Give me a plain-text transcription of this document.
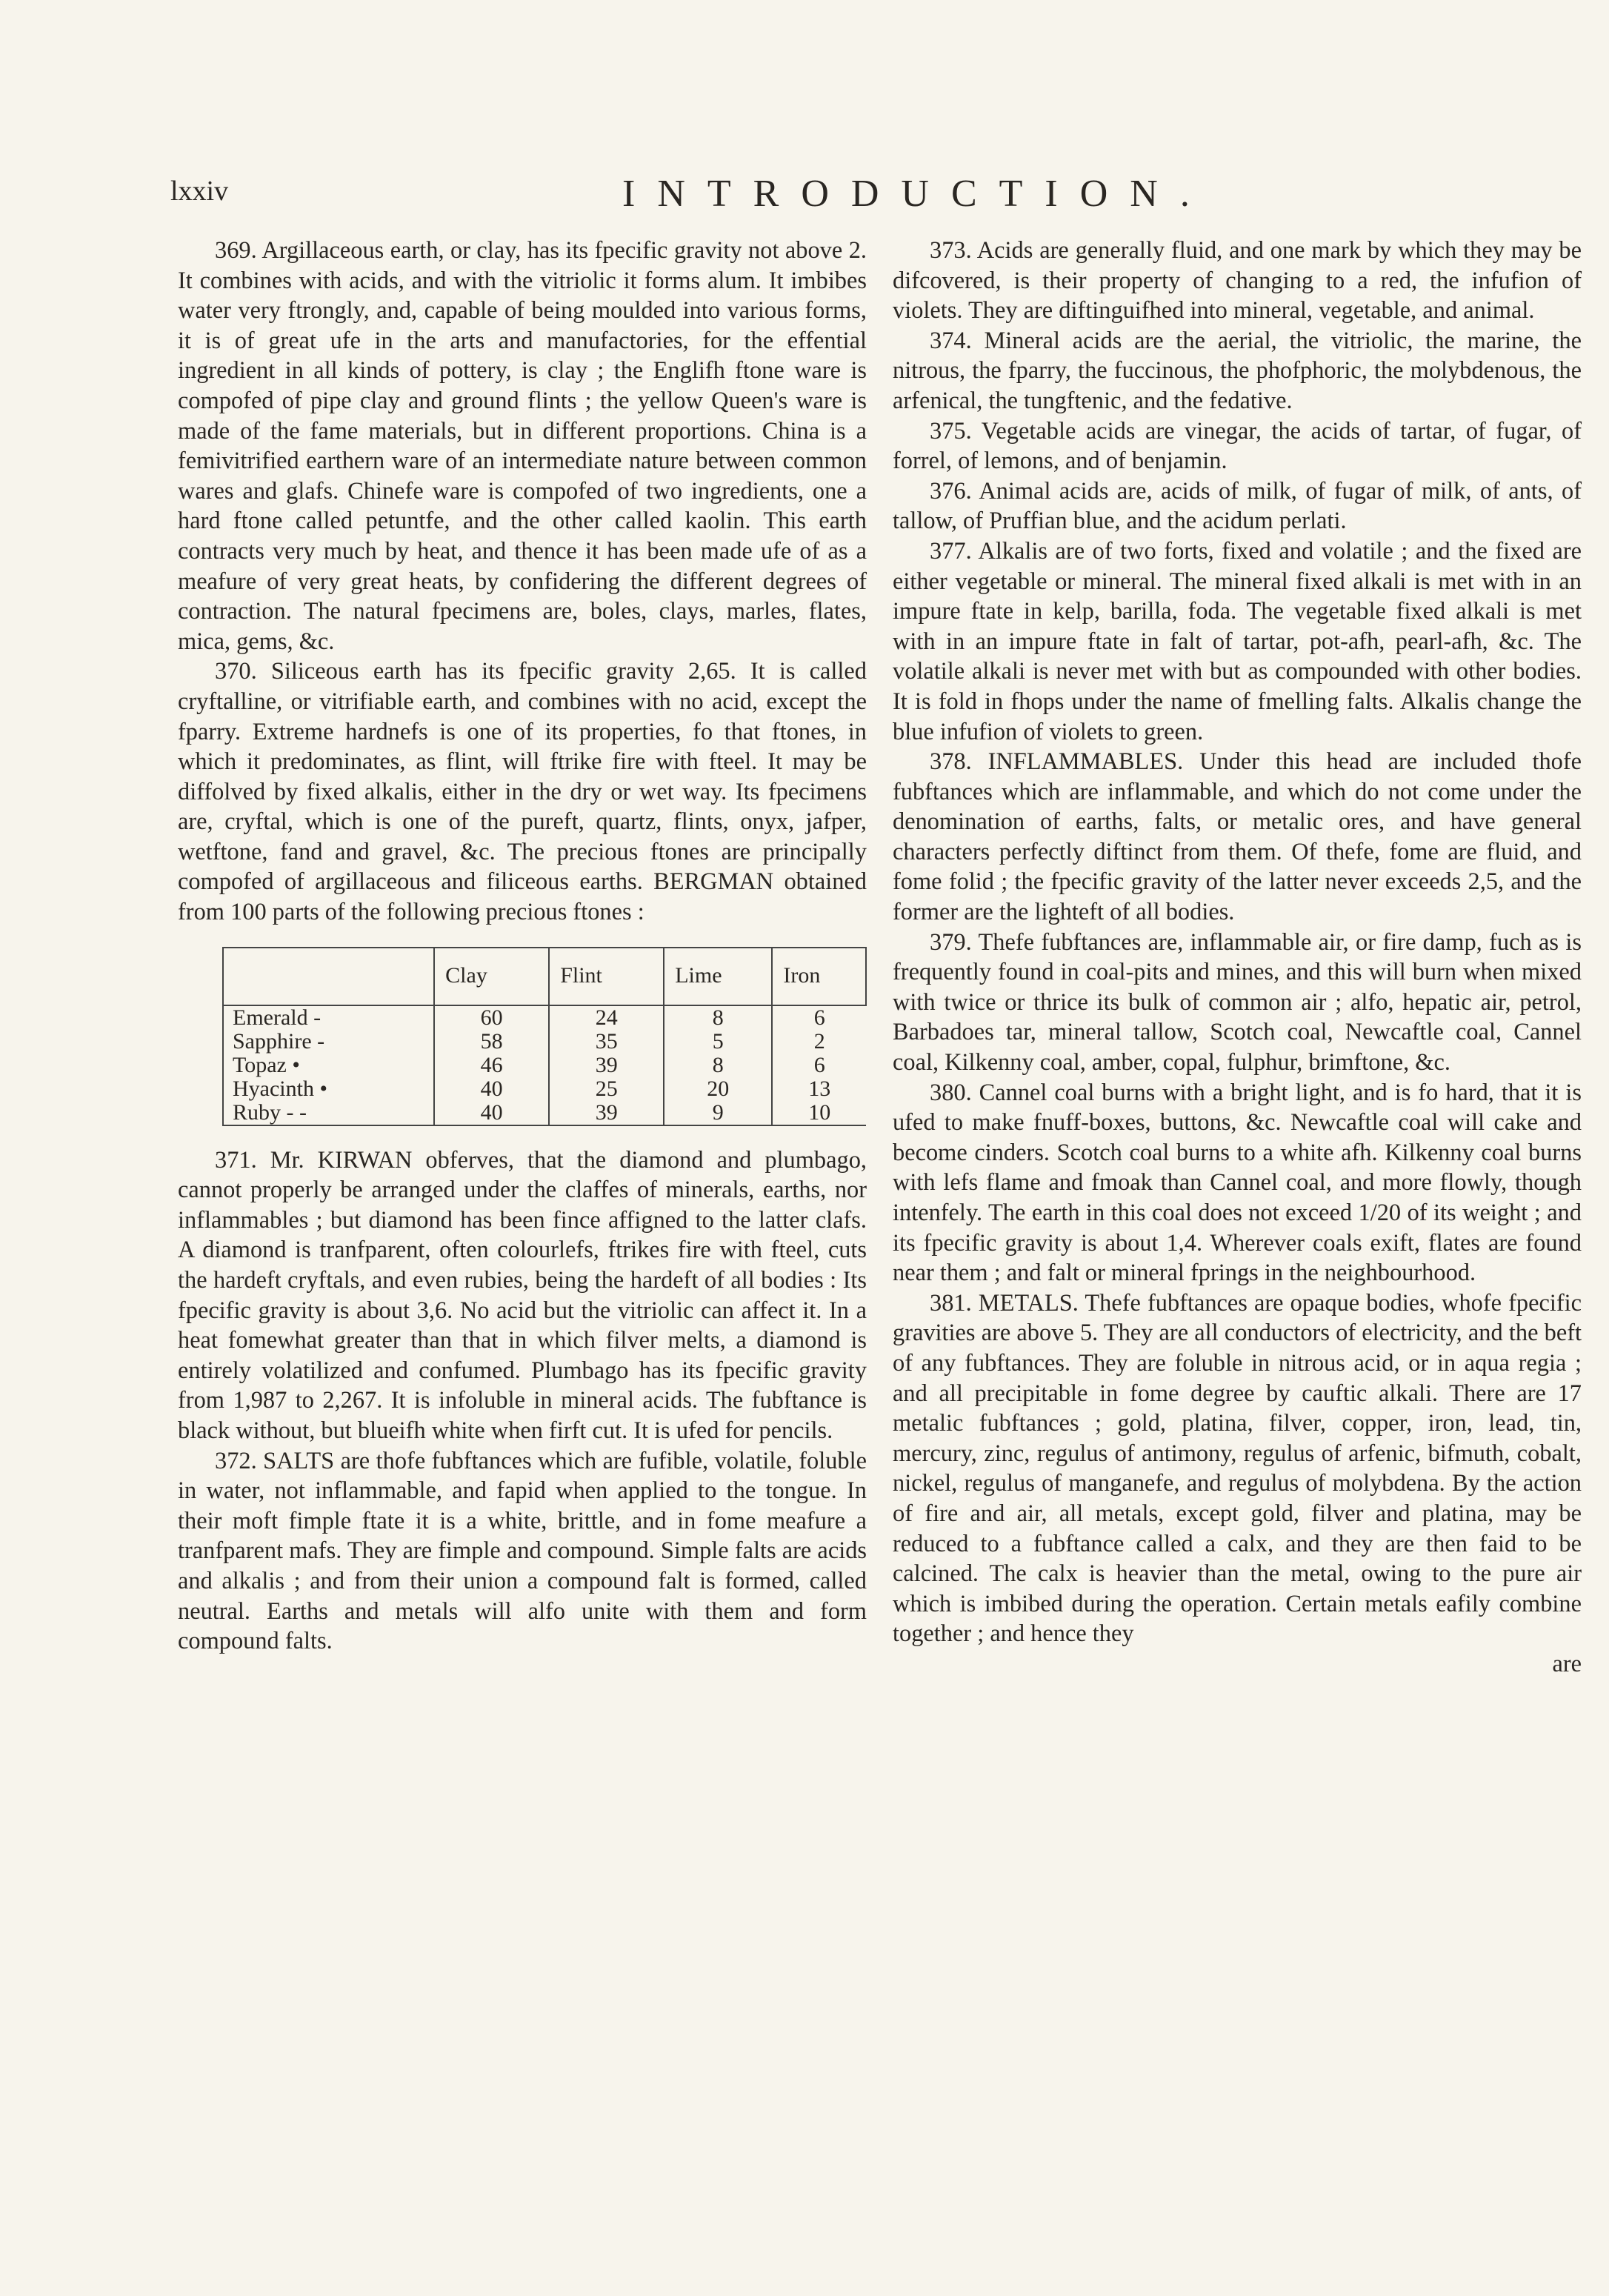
lxxiv	INTRODUCTION.

369. Argillaceous earth, or clay, has its fpecific gravity not above 2. It combines with acids, and with the vitriolic it forms alum. It imbibes water very ftrongly, and, capable of being moulded into various forms, it is of great ufe in the arts and manufactories, for the effential ingredient in all kinds of pottery, is clay ; the Englifh ftone ware is compofed of pipe clay and ground flints ; the yellow Queen's ware is made of the fame materials, but in different proportions. China is a femivitrified earthern ware of an intermediate nature between common wares and glafs. Chinefe ware is compofed of two ingredients, one a hard ftone called petuntfe, and the other called kaolin. This earth contracts very much by heat, and thence it has been made ufe of as a meafure of very great heats, by confidering the different degrees of contraction. The natural fpecimens are, boles, clays, marles, flates, mica, gems, &c.

370. Siliceous earth has its fpecific gravity 2,65. It is called cryftalline, or vitrifiable earth, and combines with no acid, except the fparry. Extreme hardnefs is one of its properties, fo that ftones, in which it predominates, as flint, will ftrike fire with fteel. It may be diffolved by fixed alkalis, either in the dry or wet way. Its fpecimens are, cryftal, which is one of the pureft, quartz, flints, onyx, jafper, wetftone, fand and gravel, &c. The precious ftones are principally compofed of argillaceous and filiceous earths. BERGMAN obtained from 100 parts of the following precious ftones :

	Clay	Flint	Lime	Iron
Emerald -	60	24	8	6
Sapphire -	58	35	5	2
Topaz •	46	39	8	6
Hyacinth •	40	25	20	13
Ruby - -	40	39	9	10

371. Mr. KIRWAN obferves, that the diamond and plumbago, cannot properly be arranged under the claffes of minerals, earths, nor inflammables ; but diamond has been fince affigned to the latter clafs. A diamond is tranfparent, often colourlefs, ftrikes fire with fteel, cuts the hardeft cryftals, and even rubies, being the hardeft of all bodies : Its fpecific gravity is about 3,6. No acid but the vitriolic can affect it. In a heat fomewhat greater than that in which filver melts, a diamond is entirely volatilized and confumed. Plumbago has its fpecific gravity from 1,987 to 2,267. It is infoluble in mineral acids. The fubftance is black without, but blueifh white when firft cut. It is ufed for pencils.

372. SALTS are thofe fubftances which are fufible, volatile, foluble in water, not inflammable, and fapid when applied to the tongue. In their moft fimple ftate it is a white, brittle, and in fome meafure a tranfparent mafs. They are fimple and compound. Simple falts are acids and alkalis ; and from their union a compound falt is formed, called neutral. Earths and metals will alfo unite with them and form compound falts.

373. Acids are generally fluid, and one mark by which they may be difcovered, is their property of changing to a red, the infufion of violets. They are diftinguifhed into mineral, vegetable, and animal.

374. Mineral acids are the aerial, the vitriolic, the marine, the nitrous, the fparry, the fuccinous, the phofphoric, the molybdenous, the arfenical, the tungftenic, and the fedative.

375. Vegetable acids are vinegar, the acids of tartar, of fugar, of forrel, of lemons, and of benjamin.

376. Animal acids are, acids of milk, of fugar of milk, of ants, of tallow, of Pruffian blue, and the acidum perlati.

377. Alkalis are of two forts, fixed and volatile ; and the fixed are either vegetable or mineral. The mineral fixed alkali is met with in an impure ftate in kelp, barilla, foda. The vegetable fixed alkali is met with in an impure ftate in falt of tartar, pot-afh, pearl-afh, &c. The volatile alkali is never met with but as compounded with other bodies. It is fold in fhops under the name of fmelling falts. Alkalis change the blue infufion of violets to green.

378. INFLAMMABLES. Under this head are included thofe fubftances which are inflammable, and which do not come under the denomination of earths, falts, or metalic ores, and have general characters perfectly diftinct from them. Of thefe, fome are fluid, and fome folid ; the fpecific gravity of the latter never exceeds 2,5, and the former are the lighteft of all bodies.

379. Thefe fubftances are, inflammable air, or fire damp, fuch as is frequently found in coal-pits and mines, and this will burn when mixed with twice or thrice its bulk of common air ; alfo, hepatic air, petrol, Barbadoes tar, mineral tallow, Scotch coal, Newcaftle coal, Cannel coal, Kilkenny coal, amber, copal, fulphur, brimftone, &c.

380. Cannel coal burns with a bright light, and is fo hard, that it is ufed to make fnuff-boxes, buttons, &c. Newcaftle coal will cake and become cinders. Scotch coal burns to a white afh. Kilkenny coal burns with lefs flame and fmoak than Cannel coal, and more flowly, though intenfely. The earth in this coal does not exceed 1/20 of its weight ; and its fpecific gravity is about 1,4. Wherever coals exift, flates are found near them ; and falt or mineral fprings in the neighbourhood.

381. METALS. Thefe fubftances are opaque bodies, whofe fpecific gravities are above 5. They are all conductors of electricity, and the beft of any fubftances. They are foluble in nitrous acid, or in aqua regia ; and all precipitable in fome degree by cauftic alkali. There are 17 metalic fubftances ; gold, platina, filver, copper, iron, lead, tin, mercury, zinc, regulus of antimony, regulus of arfenic, bifmuth, cobalt, nickel, regulus of manganefe, and regulus of molybdena. By the action of fire and air, all metals, except gold, filver and platina, may be reduced to a fubftance called a calx, and they are then faid to be calcined. The calx is heavier than the metal, owing to the pure air which is imbibed during the operation. Certain metals eafily combine together ; and hence they

are
